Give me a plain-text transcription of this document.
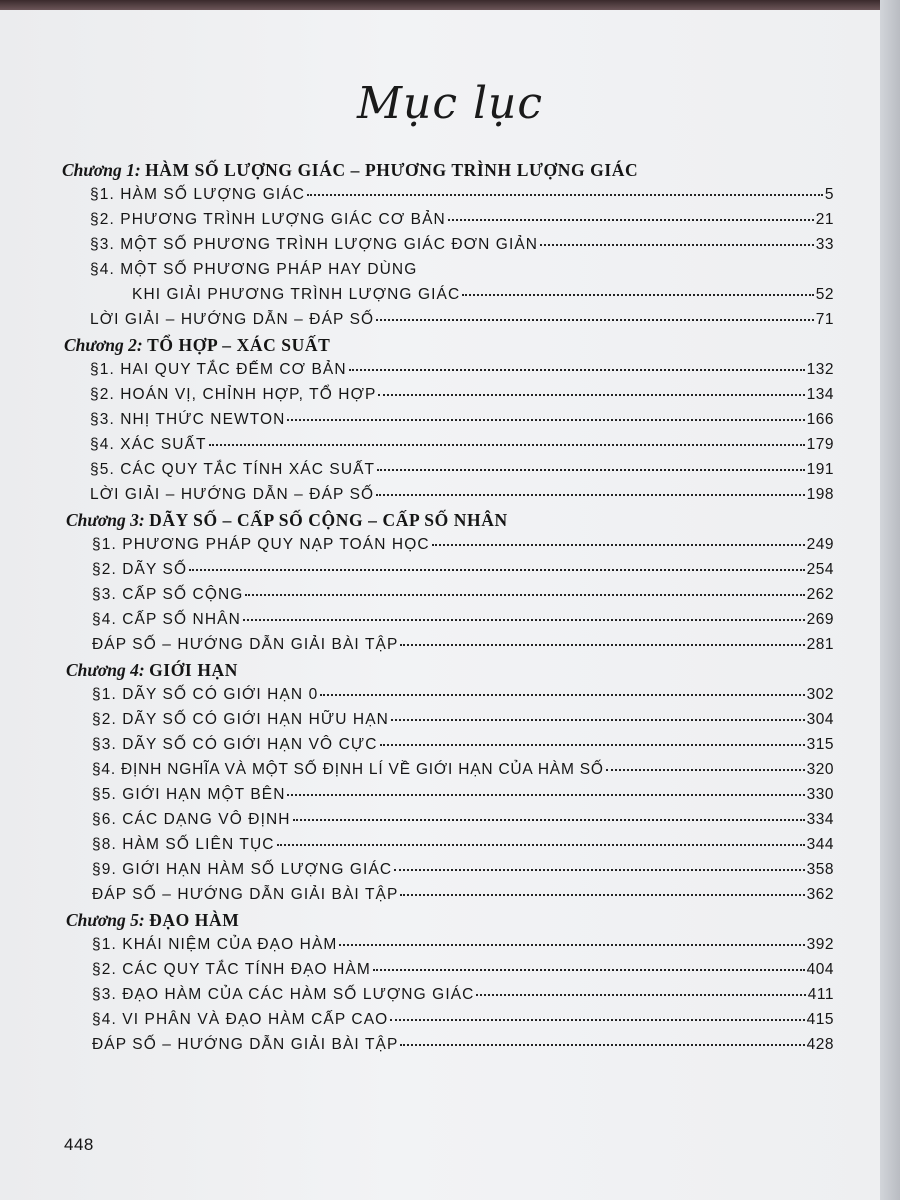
Mục lục
Chương 1: HÀM SỐ LƯỢNG GIÁC – PHƯƠNG TRÌNH LƯỢNG GIÁC
§1. HÀM SỐ LƯỢNG GIÁC	5
§2. PHƯƠNG TRÌNH LƯỢNG GIÁC CƠ BẢN	21
§3. MỘT SỐ PHƯƠNG TRÌNH LƯỢNG GIÁC ĐƠN GIẢN	33
§4. MỘT SỐ PHƯƠNG PHÁP HAY DÙNG
KHI GIẢI PHƯƠNG TRÌNH LƯỢNG GIÁC	52
LỜI GIẢI – HƯỚNG DẪN – ĐÁP SỐ	71
Chương 2: TỔ HỢP – XÁC SUẤT
§1. HAI QUY TẮC ĐẾM CƠ BẢN	132
§2. HOÁN VỊ, CHỈNH HỢP, TỔ HỢP	134
§3. NHỊ THỨC NEWTON	166
§4. XÁC SUẤT	179
§5. CÁC QUY TẮC TÍNH XÁC SUẤT	191
LỜI GIẢI – HƯỚNG DẪN – ĐÁP SỐ	198
Chương 3: DÃY SỐ – CẤP SỐ CỘNG – CẤP SỐ NHÂN
§1. PHƯƠNG PHÁP QUY NẠP TOÁN HỌC	249
§2. DÃY SỐ	254
§3. CẤP SỐ CỘNG	262
§4. CẤP SỐ NHÂN	269
ĐÁP SỐ – HƯỚNG DẪN GIẢI BÀI TẬP	281
Chương 4: GIỚI HẠN
§1. DÃY SỐ CÓ GIỚI HẠN 0	302
§2. DÃY SỐ CÓ GIỚI HẠN HỮU HẠN	304
§3. DÃY SỐ CÓ GIỚI HẠN VÔ CỰC	315
§4. ĐỊNH NGHĨA VÀ MỘT SỐ ĐỊNH LÍ VỀ GIỚI HẠN CỦA HÀM SỐ	320
§5. GIỚI HẠN MỘT BÊN	330
§6. CÁC DẠNG VÔ ĐỊNH	334
§8. HÀM SỐ LIÊN TỤC	344
§9. GIỚI HẠN HÀM SỐ LƯỢNG GIÁC	358
ĐÁP SỐ – HƯỚNG DẪN GIẢI BÀI TẬP	362
Chương 5: ĐẠO HÀM
§1. KHÁI NIỆM CỦA ĐẠO HÀM	392
§2. CÁC QUY TẮC TÍNH ĐẠO HÀM	404
§3. ĐẠO HÀM CỦA CÁC HÀM SỐ LƯỢNG GIÁC	411
§4. VI PHÂN VÀ ĐẠO HÀM CẤP CAO	415
ĐÁP SỐ – HƯỚNG DẪN GIẢI BÀI TẬP	428
448
